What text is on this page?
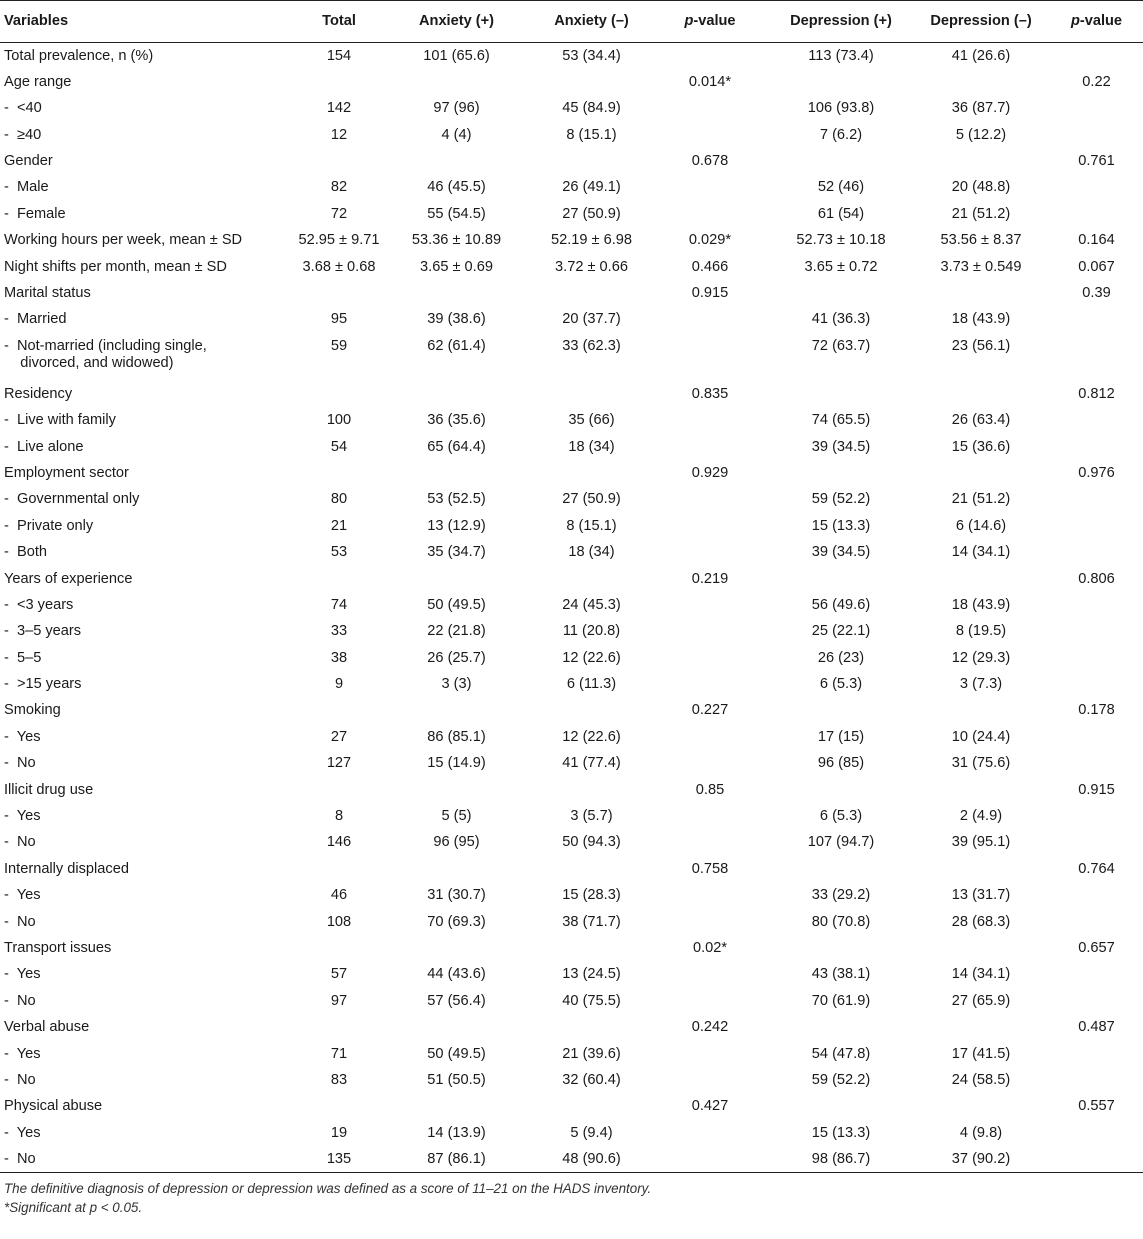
Variables	Total	Anxiety (+)	Anxiety (–)	p-value	Depression (+)	Depression (–)	p-value
Total prevalence, n (%)	154	101 (65.6)	53 (34.4)		113 (73.4)	41 (26.6)	
Age range				0.014*			0.22
-  <40	142	97 (96)	45 (84.9)		106 (93.8)	36 (87.7)	
-  ≥40	12	4 (4)	8 (15.1)		7 (6.2)	5 (12.2)	
Gender				0.678			0.761
-  Male	82	46 (45.5)	26 (49.1)		52 (46)	20 (48.8)	
-  Female	72	55 (54.5)	27 (50.9)		61 (54)	21 (51.2)	
Working hours per week, mean ± SD	52.95 ± 9.71	53.36 ± 10.89	52.19 ± 6.98	0.029*	52.73 ± 10.18	53.56 ± 8.37	0.164
Night shifts per month, mean ± SD	3.68 ± 0.68	3.65 ± 0.69	3.72 ± 0.66	0.466	3.65 ± 0.72	3.73 ± 0.549	0.067
Marital status				0.915			0.39
-  Married	95	39 (38.6)	20 (37.7)		41 (36.3)	18 (43.9)	
-  Not-married (including single,
divorced, and widowed)	59	62 (61.4)	33 (62.3)		72 (63.7)	23 (56.1)	
Residency				0.835			0.812
-  Live with family	100	36 (35.6)	35 (66)		74 (65.5)	26 (63.4)	
-  Live alone	54	65 (64.4)	18 (34)		39 (34.5)	15 (36.6)	
Employment sector				0.929			0.976
-  Governmental only	80	53 (52.5)	27 (50.9)		59 (52.2)	21 (51.2)	
-  Private only	21	13 (12.9)	8 (15.1)		15 (13.3)	6 (14.6)	
-  Both	53	35 (34.7)	18 (34)		39 (34.5)	14 (34.1)	
Years of experience				0.219			0.806
-  <3 years	74	50 (49.5)	24 (45.3)		56 (49.6)	18 (43.9)	
-  3–5 years	33	22 (21.8)	11 (20.8)		25 (22.1)	8 (19.5)	
-  5–5	38	26 (25.7)	12 (22.6)		26 (23)	12 (29.3)	
-  >15 years	9	3 (3)	6 (11.3)		6 (5.3)	3 (7.3)	
Smoking				0.227			0.178
-  Yes	27	86 (85.1)	12 (22.6)		17 (15)	10 (24.4)	
-  No	127	15 (14.9)	41 (77.4)		96 (85)	31 (75.6)	
Illicit drug use				0.85			0.915
-  Yes	8	5 (5)	3 (5.7)		6 (5.3)	2 (4.9)	
-  No	146	96 (95)	50 (94.3)		107 (94.7)	39 (95.1)	
Internally displaced				0.758			0.764
-  Yes	46	31 (30.7)	15 (28.3)		33 (29.2)	13 (31.7)	
-  No	108	70 (69.3)	38 (71.7)		80 (70.8)	28 (68.3)	
Transport issues				0.02*			0.657
-  Yes	57	44 (43.6)	13 (24.5)		43 (38.1)	14 (34.1)	
-  No	97	57 (56.4)	40 (75.5)		70 (61.9)	27 (65.9)	
Verbal abuse				0.242			0.487
-  Yes	71	50 (49.5)	21 (39.6)		54 (47.8)	17 (41.5)	
-  No	83	51 (50.5)	32 (60.4)		59 (52.2)	24 (58.5)	
Physical abuse				0.427			0.557
-  Yes	19	14 (13.9)	5 (9.4)		15 (13.3)	4 (9.8)	
-  No	135	87 (86.1)	48 (90.6)		98 (86.7)	37 (90.2)	
The definitive diagnosis of depression or depression was defined as a score of 11–21 on the HADS inventory.
*Significant at p < 0.05.
